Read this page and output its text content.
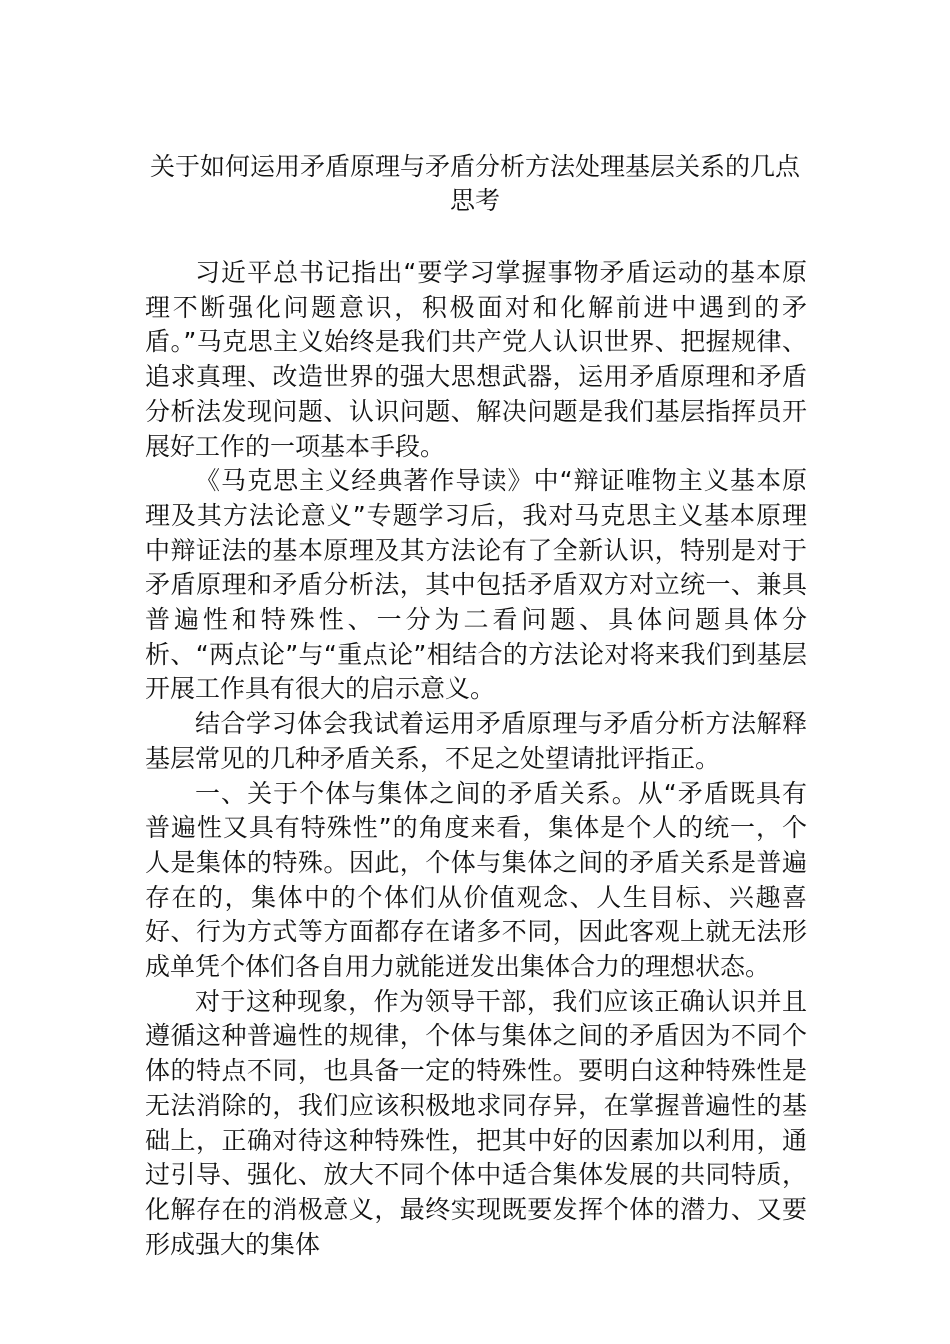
关于如何运用矛盾原理与矛盾分析方法处理基层关系的几点思考

习近平总书记指出“要学习掌握事物矛盾运动的基本原理不断强化问题意识，积极面对和化解前进中遇到的矛盾。”马克思主义始终是我们共产党人认识世界、把握规律、追求真理、改造世界的强大思想武器，运用矛盾原理和矛盾分析法发现问题、认识问题、解决问题是我们基层指挥员开展好工作的一项基本手段。

《马克思主义经典著作导读》中“辩证唯物主义基本原理及其方法论意义”专题学习后，我对马克思主义基本原理中辩证法的基本原理及其方法论有了全新认识，特别是对于矛盾原理和矛盾分析法，其中包括矛盾双方对立统一、兼具普遍性和特殊性、一分为二看问题、具体问题具体分析、“两点论”与“重点论”相结合的方法论对将来我们到基层开展工作具有很大的启示意义。

结合学习体会我试着运用矛盾原理与矛盾分析方法解释基层常见的几种矛盾关系，不足之处望请批评指正。

一、关于个体与集体之间的矛盾关系。从“矛盾既具有普遍性又具有特殊性”的角度来看，集体是个人的统一，个人是集体的特殊。因此，个体与集体之间的矛盾关系是普遍存在的，集体中的个体们从价值观念、人生目标、兴趣喜好、行为方式等方面都存在诸多不同，因此客观上就无法形成单凭个体们各自用力就能迸发出集体合力的理想状态。

对于这种现象，作为领导干部，我们应该正确认识并且遵循这种普遍性的规律，个体与集体之间的矛盾因为不同个体的特点不同，也具备一定的特殊性。要明白这种特殊性是无法消除的，我们应该积极地求同存异，在掌握普遍性的基础上，正确对待这种特殊性，把其中好的因素加以利用，通过引导、强化、放大不同个体中适合集体发展的共同特质，化解存在的消极意义，最终实现既要发挥个体的潜力、又要形成强大的集体
